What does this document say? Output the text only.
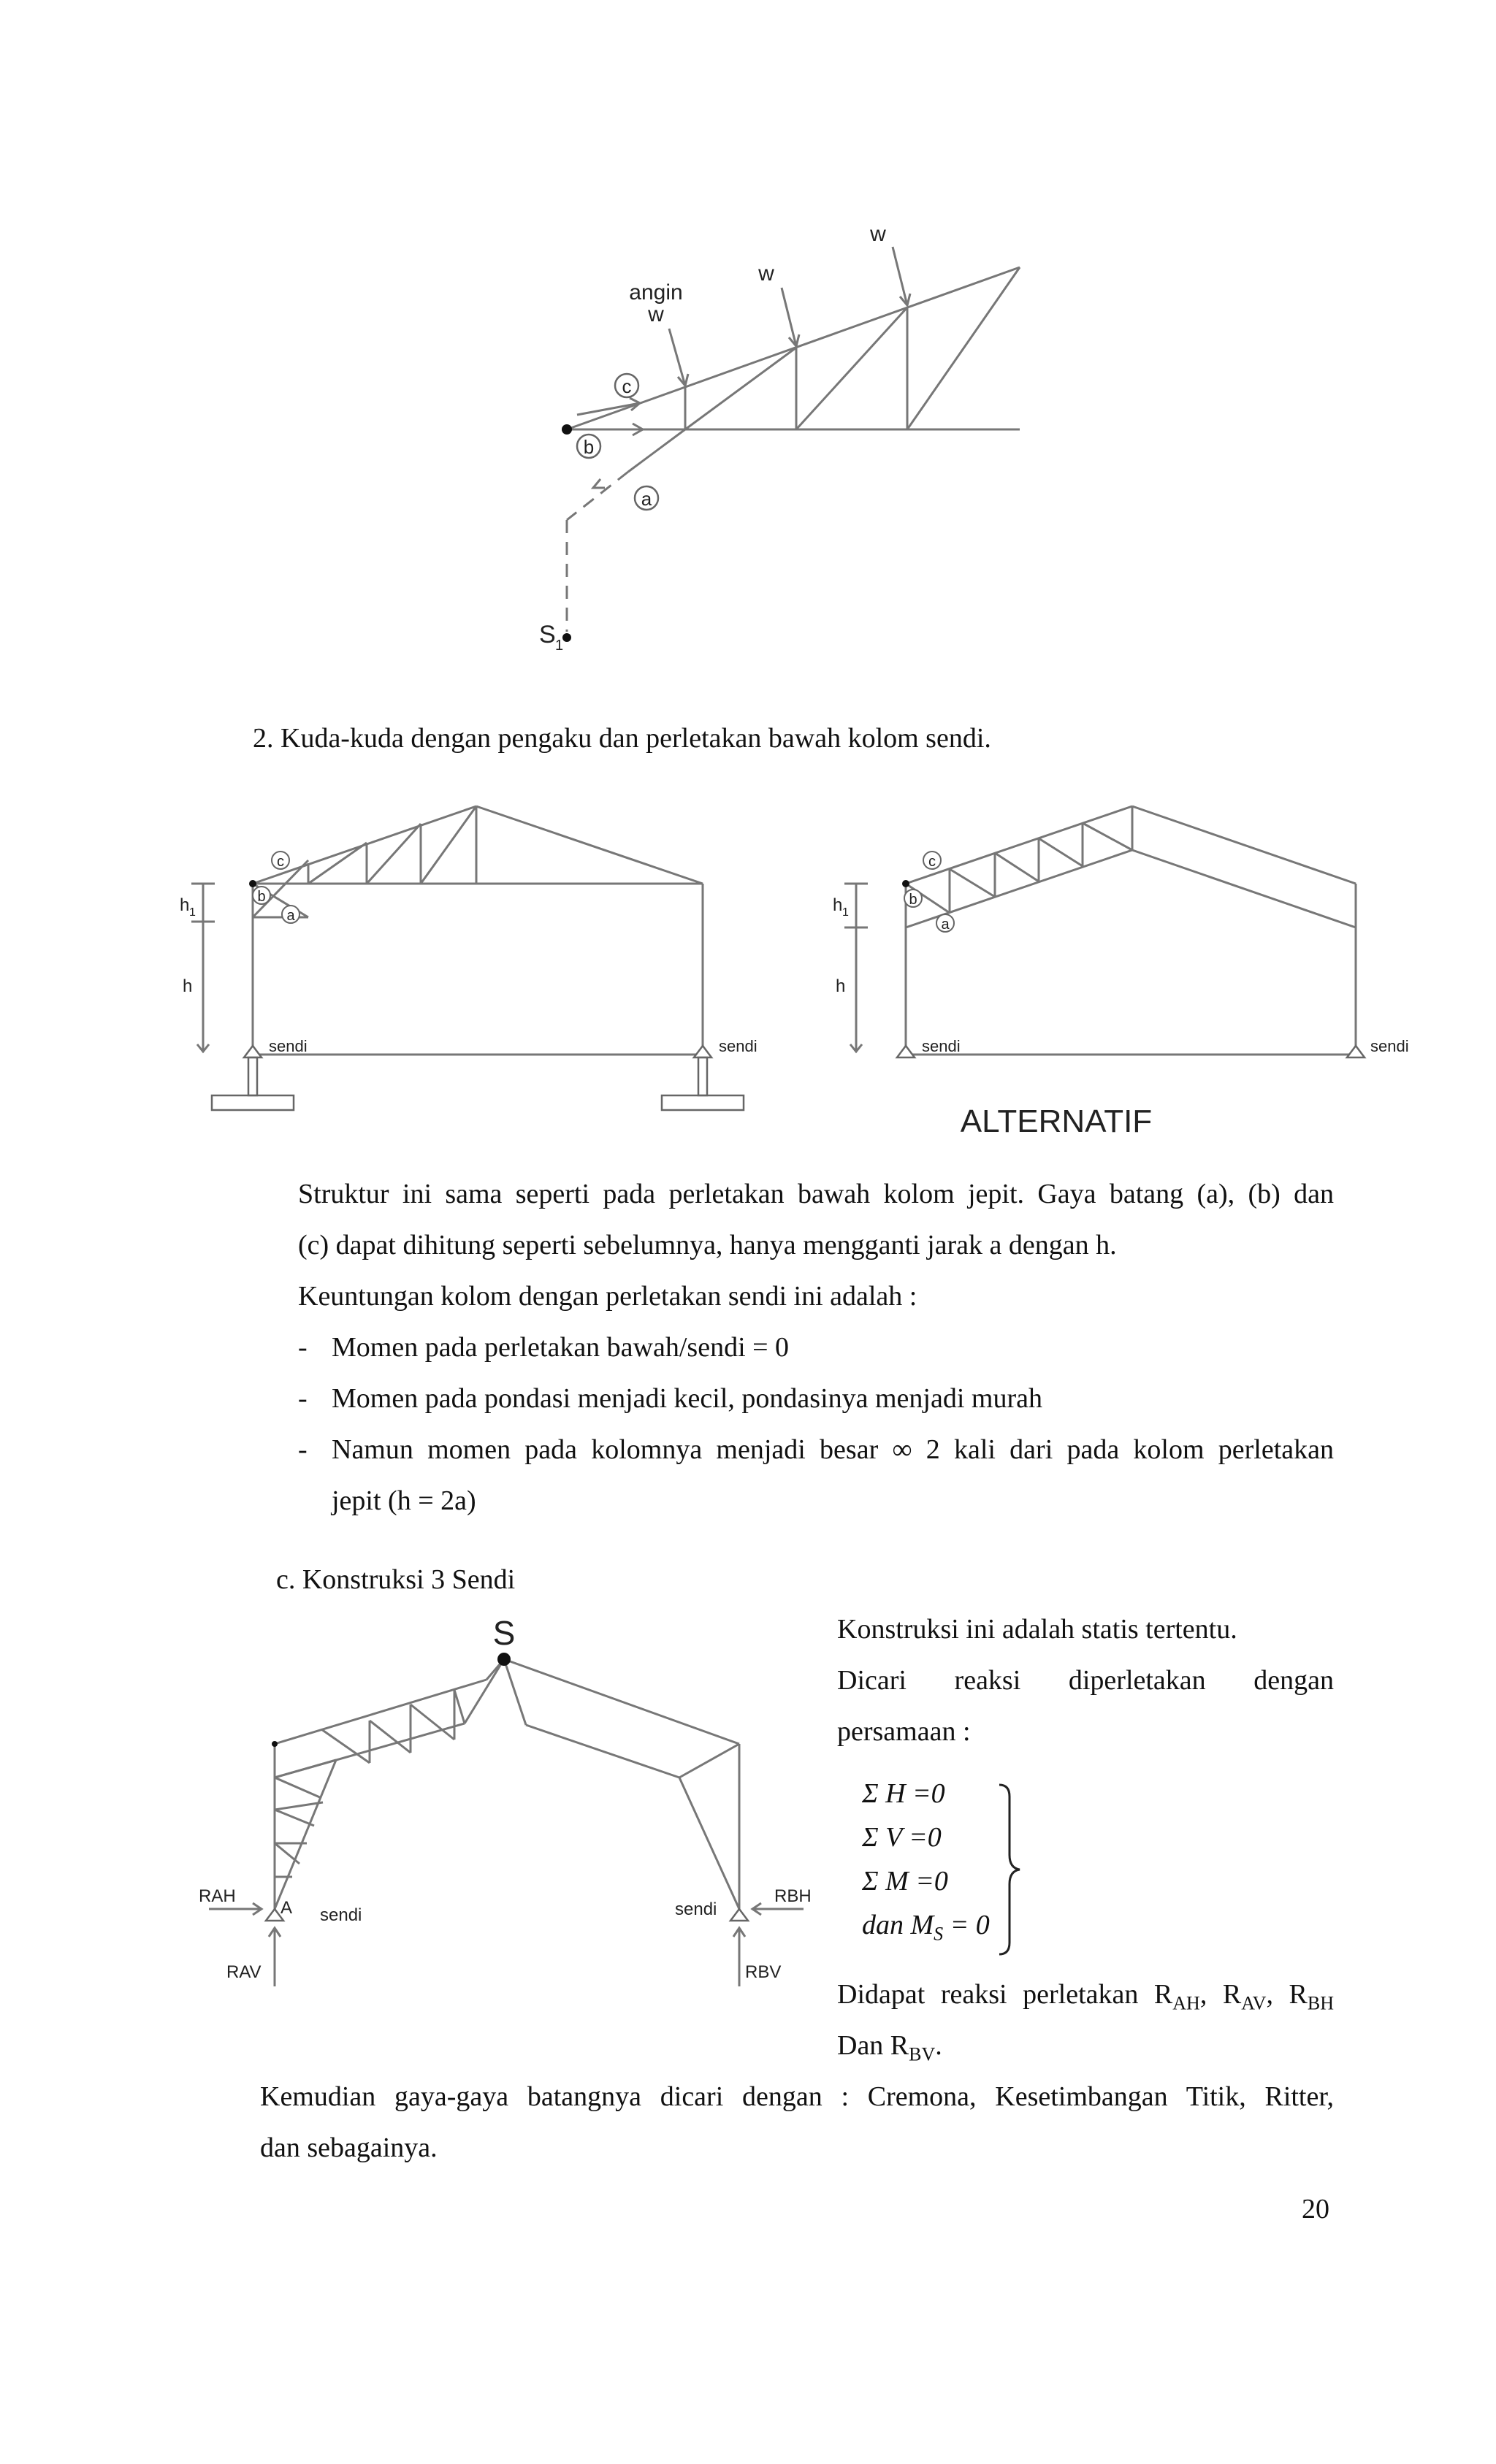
c
b
a
angin
w
w
w
S 1
2. Kuda-kuda dengan pengaku dan perletakan bawah kolom sendi.
h 1
h
c
b
a
sendi	sendi
h 1
h
c
b
a
sendi	sendi
ALTERNATIF
Struktur ini sama seperti pada perletakan bawah kolom jepit. Gaya batang (a), (b) dan
(c) dapat dihitung seperti sebelumnya, hanya mengganti jarak a dengan h.
Keuntungan kolom dengan perletakan sendi ini adalah :
- Momen pada perletakan bawah/sendi = 0
- Momen pada pondasi menjadi kecil, pondasinya menjadi murah
- Namun momen pada kolomnya menjadi besar ∞ 2 kali dari pada kolom perletakan
jepit (h = 2a)
c. Konstruksi 3 Sendi
S
RAH
A sendi
RAV
sendi
RBH
RBV
Konstruksi ini adalah statis tertentu.
Dicari reaksi diperletakan dengan
persamaan :
Σ H =0
Σ V =0
Σ M =0
dan $M_S = 0$
Didapat reaksi perletakan $R_{AH}$, $R_{AV}$, $R_{BH}$
Dan $R_{BV}$.
Kemudian gaya-gaya batangnya dicari dengan : Cremona, Kesetimbangan Titik, Ritter,
dan sebagainya.
20
